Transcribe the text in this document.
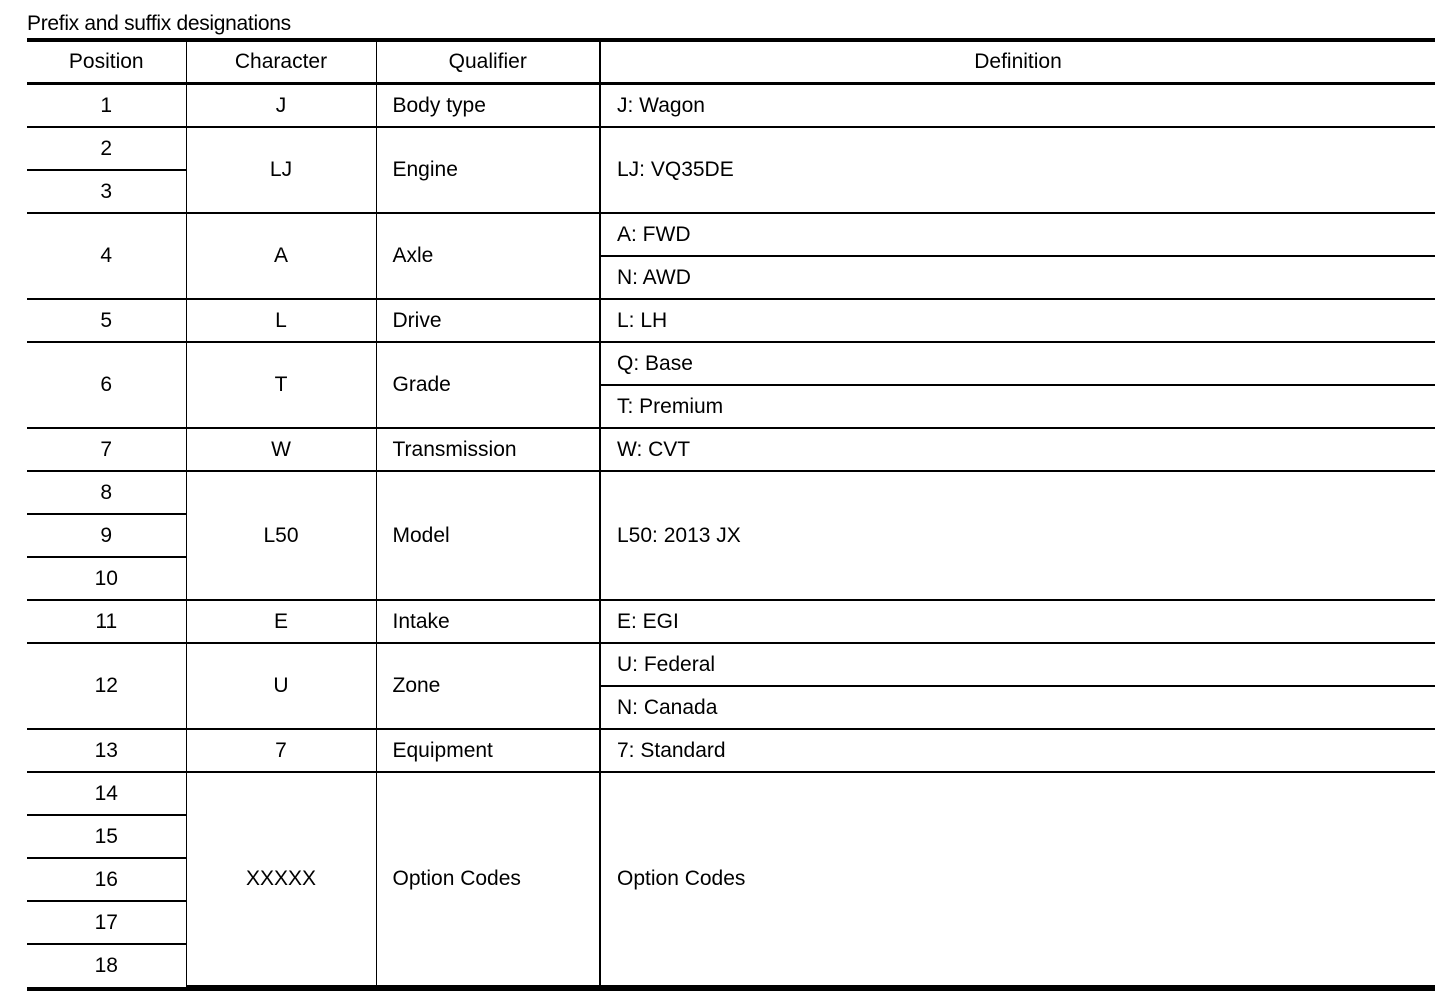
Prefix and suffix designations
Position	Character	Qualifier	Definition
1	J	Body type	J: Wagon
2	LJ	Engine	LJ: VQ35DE
3			
4	A	Axle	A: FWD
			N: AWD
5	L	Drive	L: LH
6	T	Grade	Q: Base
			T: Premium
7	W	Transmission	W: CVT
8	L50	Model	L50: 2013 JX
9			
10			
11	E	Intake	E: EGI
12	U	Zone	U: Federal
			N: Canada
13	7	Equipment	7: Standard
14	XXXXX	Option Codes	Option Codes
15			
16			
17			
18			
